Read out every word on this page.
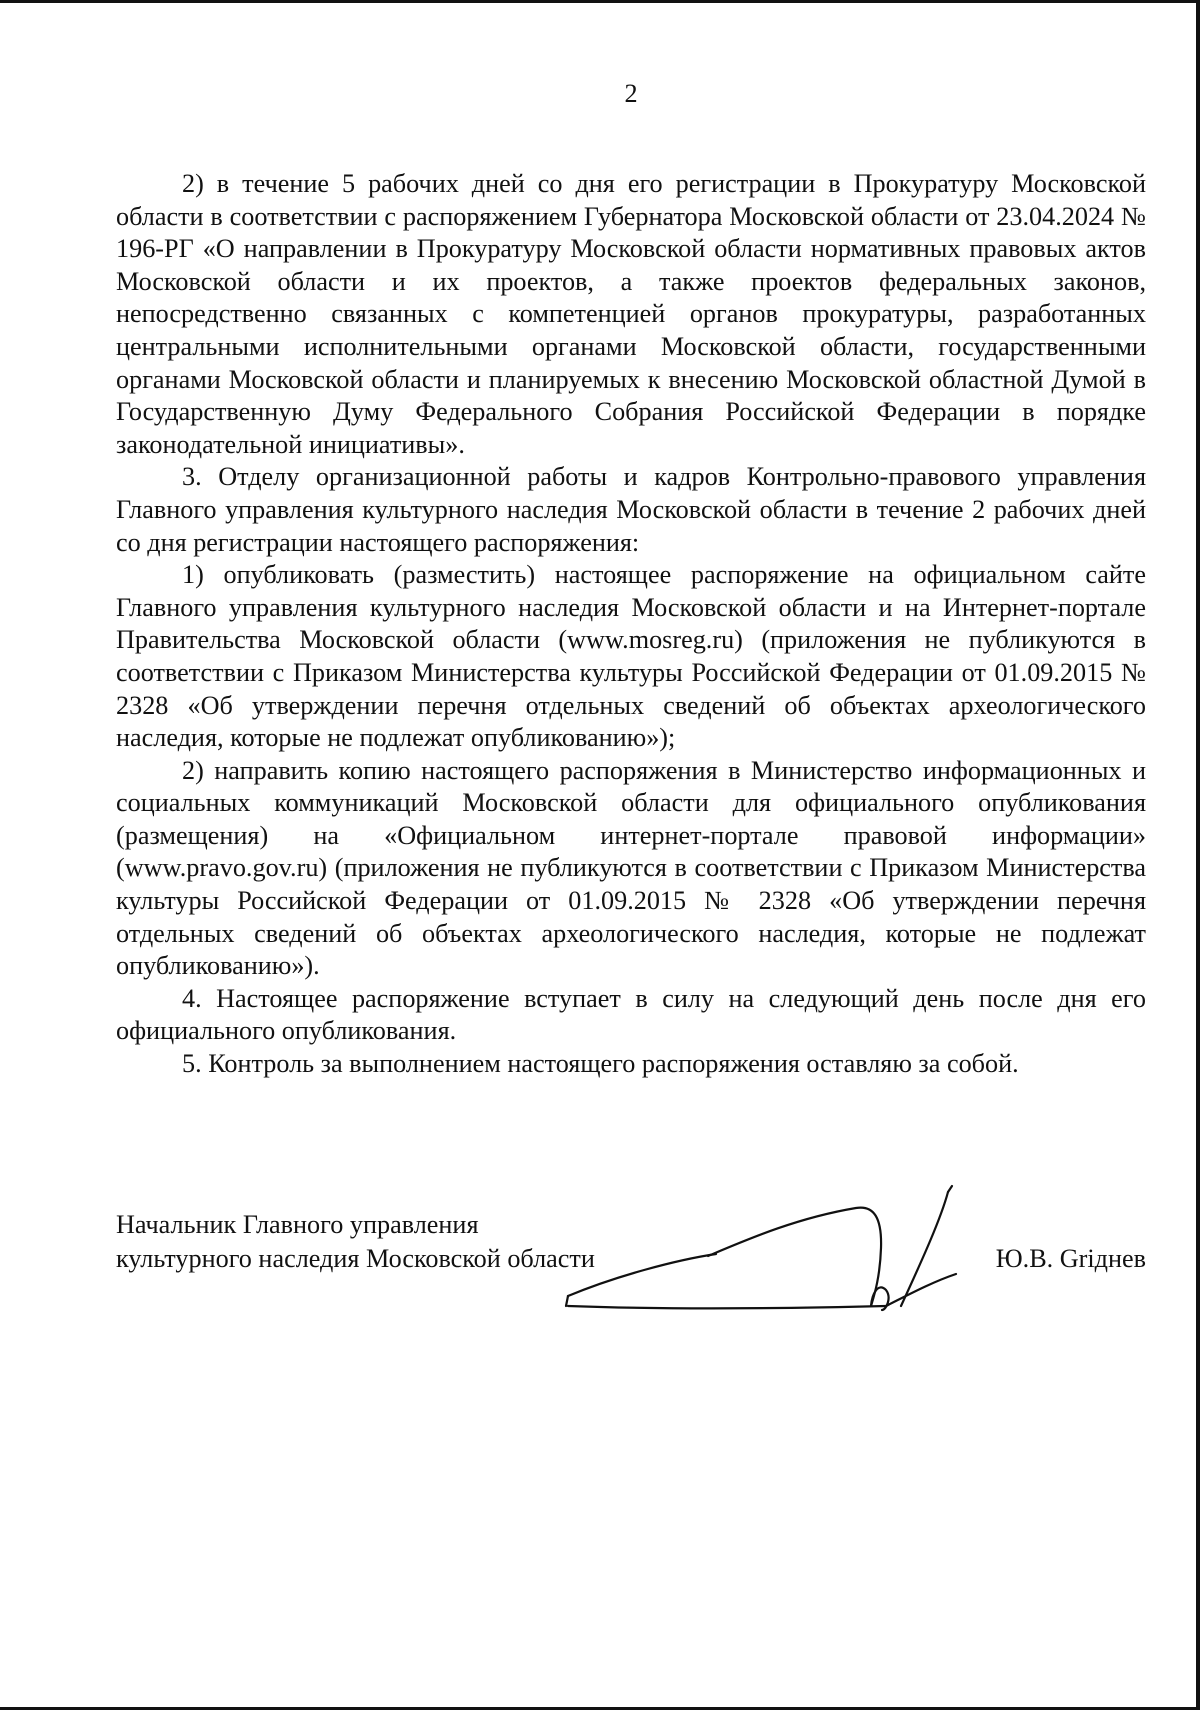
2

2) в течение 5 рабочих дней со дня его регистрации в Прокуратуру Московской области в соответствии с распоряжением Губернатора Московской области от 23.04.2024 № 196-РГ «О направлении в Прокуратуру Московской области нормативных правовых актов Московской области и их проектов, а также проектов федеральных законов, непосредственно связанных с компетенцией органов прокуратуры, разработанных центральными исполнительными органами Московской области, государственными органами Московской области и планируемых к внесению Московской областной Думой в Государственную Думу Федерального Собрания Российской Федерации в порядке законодательной инициативы».

3. Отделу организационной работы и кадров Контрольно-правового управления Главного управления культурного наследия Московской области в течение 2 рабочих дней со дня регистрации настоящего распоряжения:

1) опубликовать (разместить) настоящее распоряжение на официальном сайте Главного управления культурного наследия Московской области и на Интернет-портале Правительства Московской области (www.mosreg.ru) (приложения не публикуются в соответствии с Приказом Министерства культуры Российской Федерации от 01.09.2015 № 2328 «Об утверждении перечня отдельных сведений об объектах археологического наследия, которые не подлежат опубликованию»);

2) направить копию настоящего распоряжения в Министерство информационных и социальных коммуникаций Московской области для официального опубликования (размещения) на «Официальном интернет-портале правовой информации» (www.pravo.gov.ru) (приложения не публикуются в соответствии с Приказом Министерства культуры Российской Федерации от 01.09.2015 № 2328 «Об утверждении перечня отдельных сведений об объектах археологического наследия, которые не подлежат опубликованию»).

4. Настоящее распоряжение вступает в силу на следующий день после дня его официального опубликования.

5. Контроль за выполнением настоящего распоряжения оставляю за собой.

Начальник Главного управления
культурного наследия Московской области	Ю.В. Griднев
